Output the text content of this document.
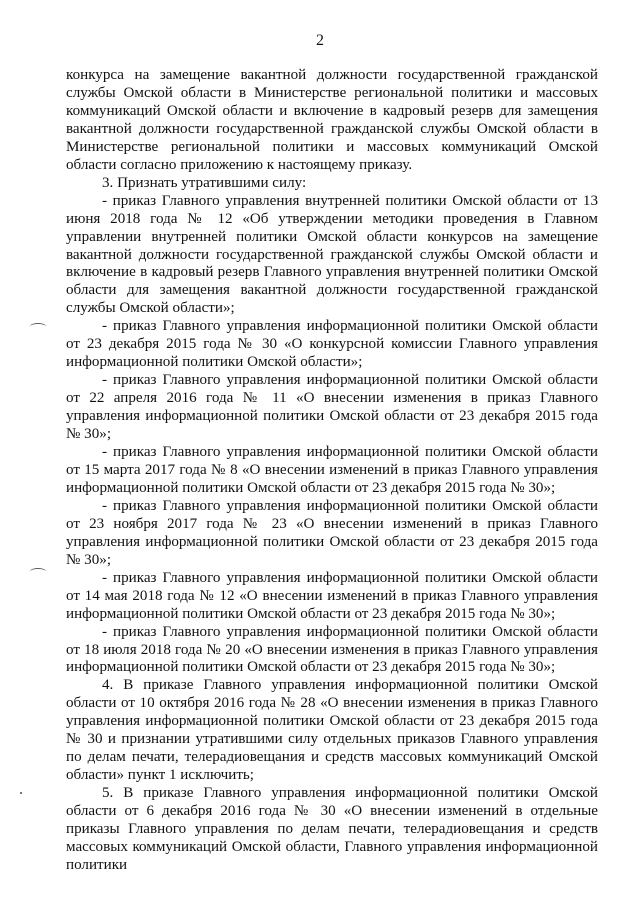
2

конкурса на замещение вакантной должности государственной гражданской службы Омской области в Министерстве региональной политики и массовых коммуникаций Омской области и включение в кадровый резерв для замещения вакантной должности государственной гражданской службы Омской области в Министерстве региональной политики и массовых коммуникаций Омской области согласно приложению к настоящему приказу.

3. Признать утратившими силу:

- приказ Главного управления внутренней политики Омской области от 13 июня 2018 года № 12 «Об утверждении методики проведения в Главном управлении внутренней политики Омской области конкурсов на замещение вакантной должности государственной гражданской службы Омской области и включение в кадровый резерв Главного управления внутренней политики Омской области для замещения вакантной должности государственной гражданской службы Омской области»;

- приказ Главного управления информационной политики Омской области от 23 декабря 2015 года № 30 «О конкурсной комиссии Главного управления информационной политики Омской области»;

- приказ Главного управления информационной политики Омской области от 22 апреля 2016 года № 11 «О внесении изменения в приказ Главного управления информационной политики Омской области от 23 декабря 2015 года № 30»;

- приказ Главного управления информационной политики Омской области от 15 марта 2017 года № 8 «О внесении изменений в приказ Главного управления информационной политики Омской области от 23 декабря 2015 года № 30»;

- приказ Главного управления информационной политики Омской области от 23 ноября 2017 года № 23 «О внесении изменений в приказ Главного управления информационной политики Омской области от 23 декабря 2015 года № 30»;

- приказ Главного управления информационной политики Омской области от 14 мая 2018 года № 12 «О внесении изменений в приказ Главного управления информационной политики Омской области от 23 декабря 2015 года № 30»;

- приказ Главного управления информационной политики Омской области от 18 июля 2018 года № 20 «О внесении изменения в приказ Главного управления информационной политики Омской области от 23 декабря 2015 года № 30»;

4. В приказе Главного управления информационной политики Омской области от 10 октября 2016 года № 28 «О внесении изменения в приказ Главного управления информационной политики Омской области от 23 декабря 2015 года № 30 и признании утратившими силу отдельных приказов Главного управления по делам печати, телерадиовещания и средств массовых коммуникаций Омской области» пункт 1 исключить;

5. В приказе Главного управления информационной политики Омской области от 6 декабря 2016 года № 30 «О внесении изменений в отдельные приказы Главного управления по делам печати, телерадиовещания и средств массовых коммуникаций Омской области, Главного управления информационной политики
